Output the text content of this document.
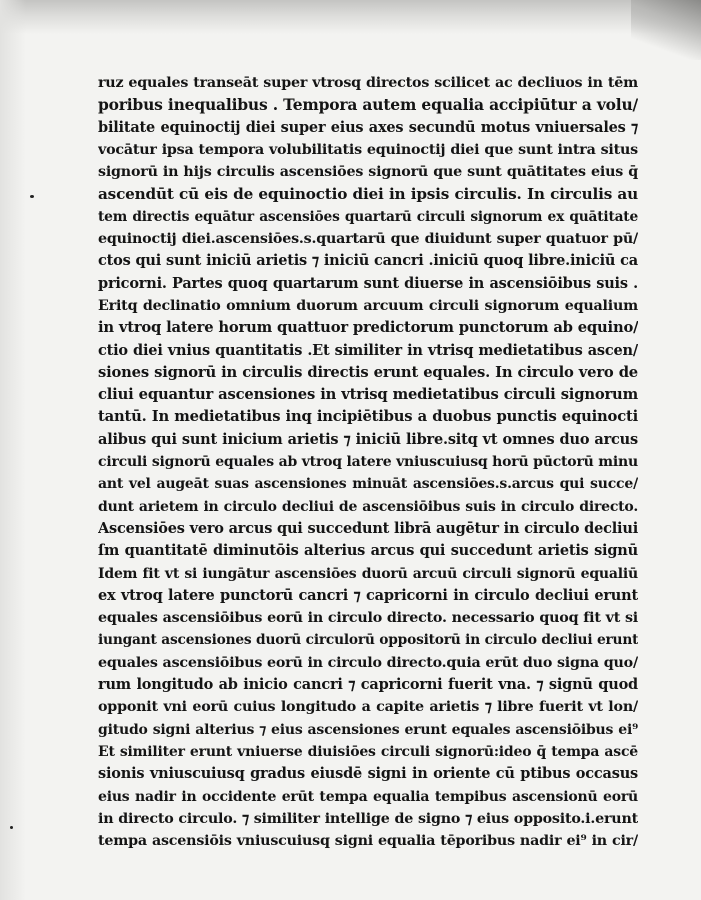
ruz equales transeāt super vtrosq directos scilicet ac decliuos in tēm
poribus inequalibus . Tempora autem equalia accipiūtur a volu/
bilitate equinoctij diei super eius axes secundū motus vniuersales ⁊
vocātur ipsa tempora volubilitatis equinoctij diei que sunt intra situs
signorū in hijs circulis ascensiōes signorū que sunt quātitates eius q̄
ascendūt cū eis de equinoctio diei in ipsis circulis. In circulis au
tem directis equātur ascensiōes quartarū circuli signorum ex quātitate
equinoctij diei.ascensiōes.s.quartarū que diuidunt super quatuor pū/
ctos qui sunt iniciū arietis ⁊ iniciū cancri .iniciū quoq libre.iniciū ca
pricorni. Partes quoq quartarum sunt diuerse in ascensiōibus suis .
Eritq declinatio omnium duorum arcuum circuli signorum equalium
in vtroq latere horum quattuor predictorum punctorum ab equino/
ctio diei vnius quantitatis .Et similiter in vtrisq medietatibus ascen/
siones signorū in circulis directis erunt equales. In circulo vero de
cliui equantur ascensiones in vtrisq medietatibus circuli signorum
tantū. In medietatibus inq incipiētibus a duobus punctis equinocti
alibus qui sunt inicium arietis ⁊ iniciū libre.sitq vt omnes duo arcus
circuli signorū equales ab vtroq latere vniuscuiusq horū pūctorū minu
ant vel augeāt suas ascensiones minuāt ascensiōes.s.arcus qui succe/
dunt arietem in circulo decliui de ascensiōibus suis in circulo directo.
Ascensiōes vero arcus qui succedunt librā augētur in circulo decliui
ſm quantitatē diminutōis alterius arcus qui succedunt arietis signū
Idem fit vt si iungātur ascensiōes duorū arcuū circuli signorū equaliū
ex vtroq latere punctorū cancri ⁊ capricorni in circulo decliui erunt
equales ascensiōibus eorū in circulo directo. necessario quoq fit vt si
iungant ascensiones duorū circulorū oppositorū in circulo decliui erunt
equales ascensiōibus eorū in circulo directo.quia erūt duo signa quo/
rum longitudo ab inicio cancri ⁊ capricorni fuerit vna. ⁊ signū quod
opponit vni eorū cuius longitudo a capite arietis ⁊ libre fuerit vt lon/
gitudo signi alterius ⁊ eius ascensiones erunt equales ascensiōibus ei⁹
Et similiter erunt vniuerse diuisiōes circuli signorū:ideo q̄ tempa ascē
sionis vniuscuiusq gradus eiusdē signi in oriente cū ptibus occasus
eius nadir in occidente erūt tempa equalia tempibus ascensionū eorū
in directo circulo. ⁊ similiter intellige de signo ⁊ eius opposito.i.erunt
tempa ascensiōis vniuscuiusq signi equalia tēporibus nadir ei⁹ in cir/
